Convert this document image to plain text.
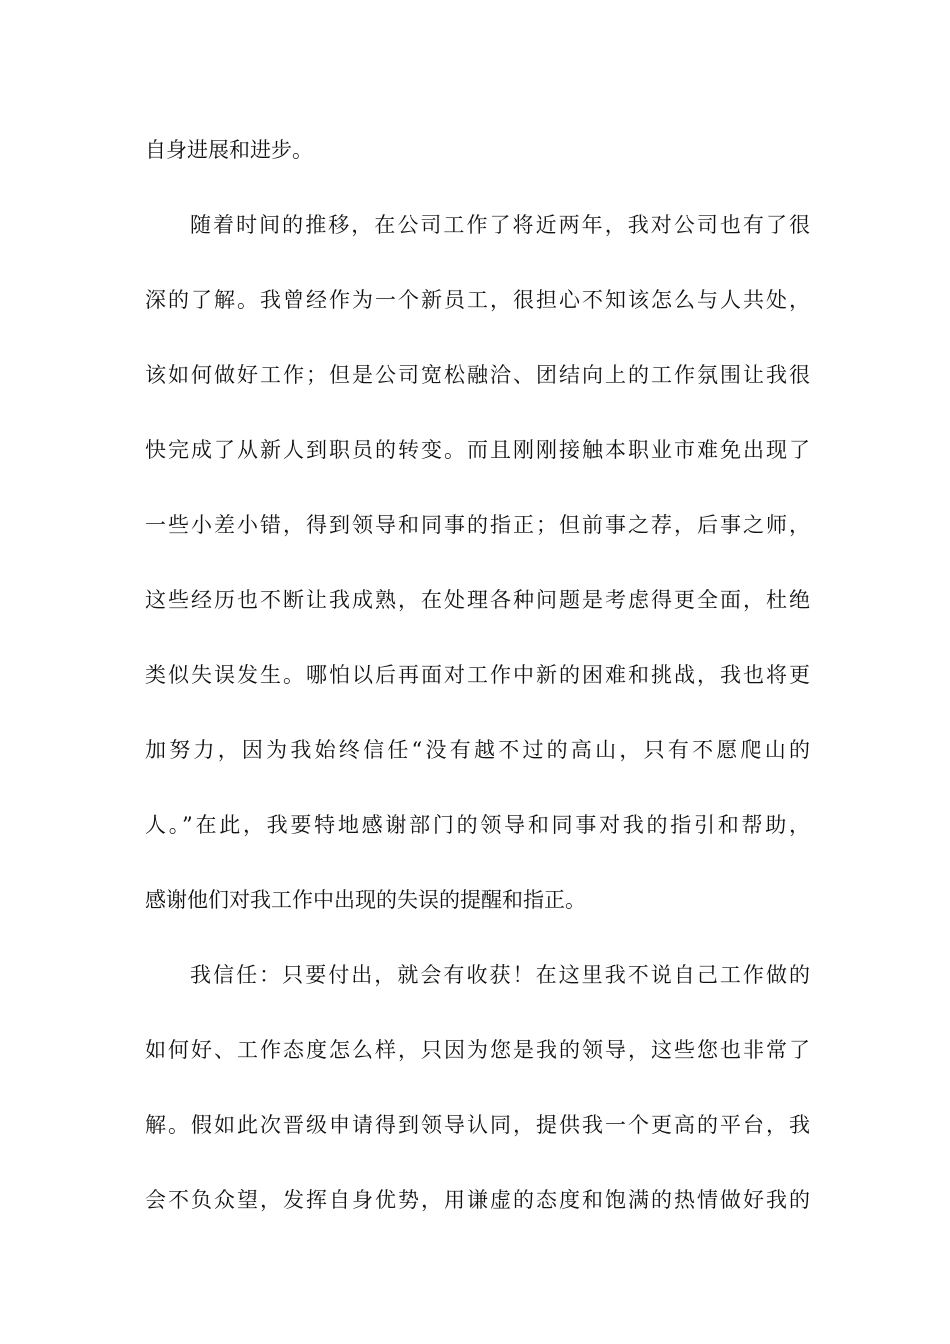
自身进展和进步。
随着时间的推移，在公司工作了将近两年，我对公司也有了很
深的了解。我曾经作为一个新员工，很担心不知该怎么与人共处，
该如何做好工作；但是公司宽松融洽、团结向上的工作氛围让我很
快完成了从新人到职员的转变。而且刚刚接触本职业市难免出现了
一些小差小错，得到领导和同事的指正；但前事之荐，后事之师，
这些经历也不断让我成熟，在处理各种问题是考虑得更全面，杜绝
类似失误发生。哪怕以后再面对工作中新的困难和挑战，我也将更
加努力，因为我始终信任“没有越不过的高山，只有不愿爬山的
人。”在此，我要特地感谢部门的领导和同事对我的指引和帮助，
感谢他们对我工作中出现的失误的提醒和指正。
我信任：只要付出，就会有收获！在这里我不说自己工作做的
如何好、工作态度怎么样，只因为您是我的领导，这些您也非常了
解。假如此次晋级申请得到领导认同，提供我一个更高的平台，我
会不负众望，发挥自身优势，用谦虚的态度和饱满的热情做好我的
